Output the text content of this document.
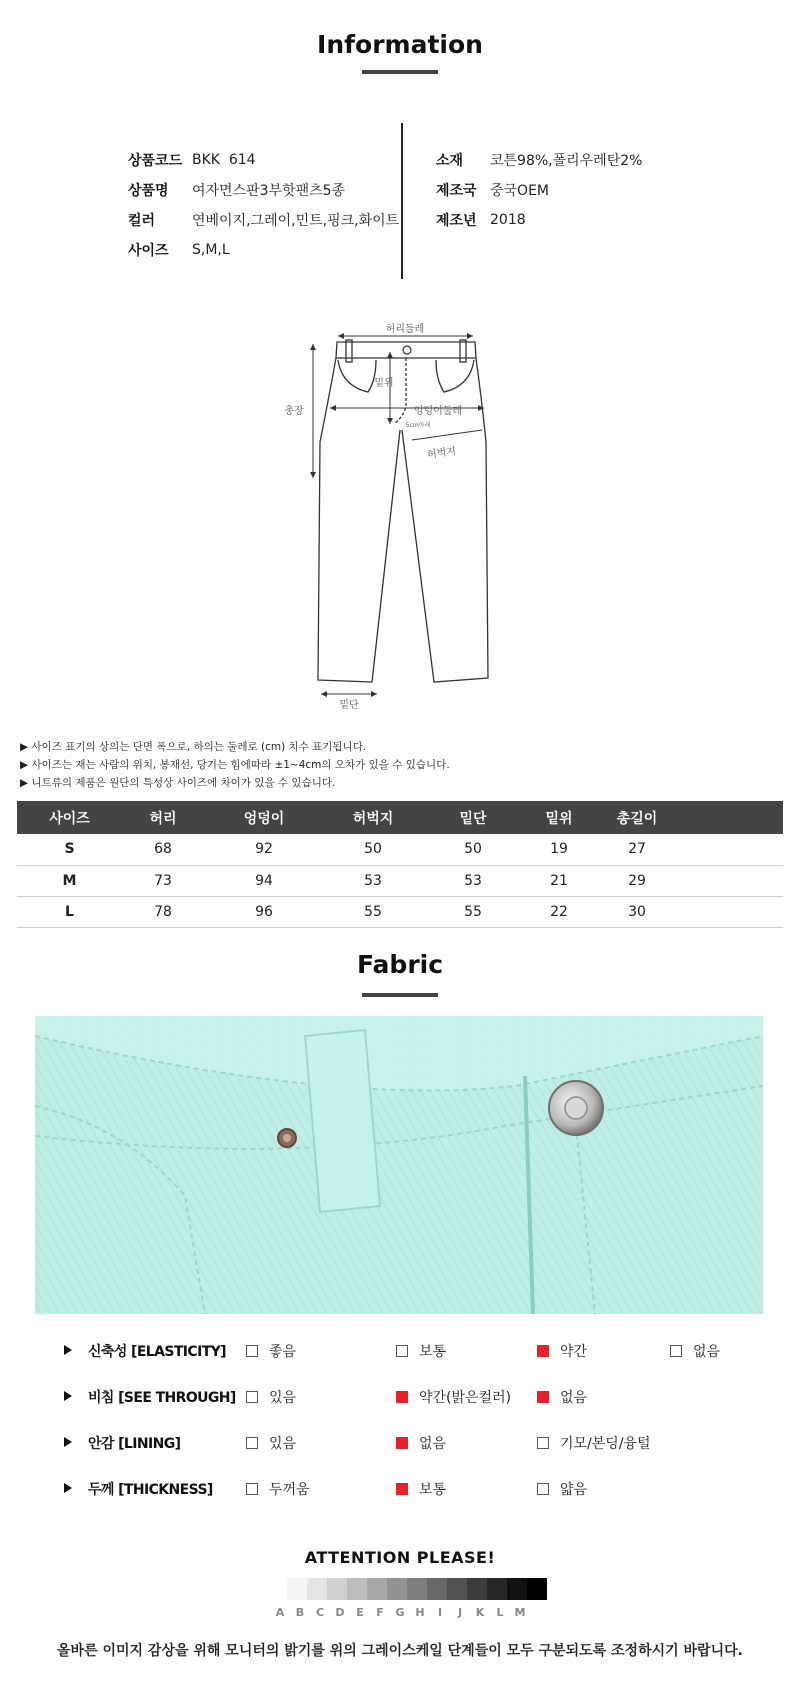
Information
상품코드 BKK  614
상품명	여자면스판3부핫팬츠5종
컬러	연베이지,그레이,민트,핑크,화이트
사이즈	S,M,L
소재	코튼98%,폴리우레탄2%
제조국 중국OEM
제조년 2018
허리둘레
밑위
총장	엉덩이둘레
5cm아래
허벅지
밑단
▶ 사이즈 표기의 상의는 단면 폭으로, 하의는 둘레로 (cm) 치수 표기됩니다.
▶ 사이즈는 재는 사람의 위치, 봉재선, 당기는 힘에따라 ±1~4cm의 오차가 있을 수 있습니다.
▶ 니트류의 제품은 원단의 특성상 사이즈에 차이가 있을 수 있습니다.
사이즈	허리	엉덩이	허벅지	밑단	밑위	총길이	
S	68	92	50	50	19	27	
M	73	94	53	53	21	29	
L	78	96	55	55	22	30	
Fabric
신축성 [ELASTICITY]	좋음	보통	약간	없음
비침 [SEE THROUGH] 있음	약간(밝은컬러)	없음
안감 [LINING]	있음	없음	기모/본딩/융털
두께 [THICKNESS]	두꺼움	보통	얇음
ATTENTION PLEASE!
A	B	C	D	E	F	G H	I	J	K	L	M
올바른 이미지 감상을 위해 모니터의 밝기를 위의 그레이스케일 단계들이 모두 구분되도록 조정하시기 바랍니다.
